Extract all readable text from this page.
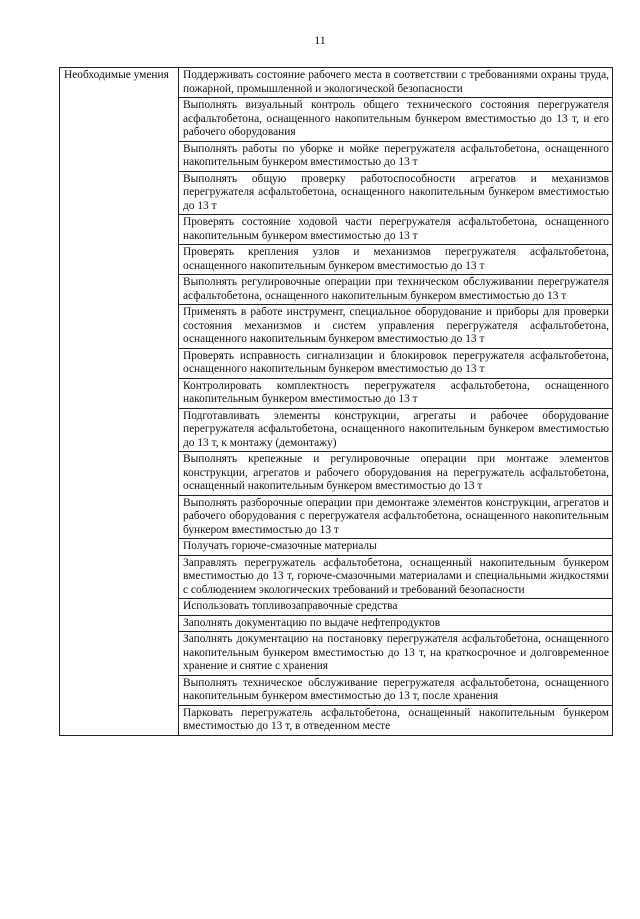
11
Необходимые умения	Поддерживать состояние рабочего места в соответствии с требованиями охраны труда, пожарной, промышленной и экологической безопасности
Выполнять визуальный контроль общего технического состояния перегружателя асфальтобетона, оснащенного накопительным бункером вместимостью до 13 т, и его рабочего оборудования
Выполнять работы по уборке и мойке перегружателя асфальтобетона, оснащенного накопительным бункером вместимостью до 13 т
Выполнять общую проверку работоспособности агрегатов и механизмов перегружателя асфальтобетона, оснащенного накопительным бункером вместимостью до 13 т
Проверять состояние ходовой части перегружателя асфальтобетона, оснащенного накопительным бункером вместимостью до 13 т
Проверять крепления узлов и механизмов перегружателя асфальтобетона, оснащенного накопительным бункером вместимостью до 13 т
Выполнять регулировочные операции при техническом обслуживании перегружателя асфальтобетона, оснащенного накопительным бункером вместимостью до 13 т
Применять в работе инструмент, специальное оборудование и приборы для проверки состояния механизмов и систем управления перегружателя асфальтобетона, оснащенного накопительным бункером вместимостью до 13 т
Проверять исправность сигнализации и блокировок перегружателя асфальтобетона, оснащенного накопительным бункером вместимостью до 13 т
Контролировать комплектность перегружателя асфальтобетона, оснащенного накопительным бункером вместимостью до 13 т
Подготавливать элементы конструкции, агрегаты и рабочее оборудование перегружателя асфальтобетона, оснащенного накопительным бункером вместимостью до 13 т, к монтажу (демонтажу)
Выполнять крепежные и регулировочные операции при монтаже элементов конструкции, агрегатов и рабочего оборудования на перегружатель асфальтобетона, оснащенный накопительным бункером вместимостью до 13 т
Выполнять разборочные операции при демонтаже элементов конструкции, агрегатов и рабочего оборудования с перегружателя асфальтобетона, оснащенного накопительным бункером вместимостью до 13 т
Получать горюче-смазочные материалы
Заправлять перегружатель асфальтобетона, оснащенный накопительным бункером вместимостью до 13 т, горюче-смазочными материалами и специальными жидкостями с соблюдением экологических требований и требований безопасности
Использовать топливозаправочные средства
Заполнять документацию по выдаче нефтепродуктов
Заполнять документацию на постановку перегружателя асфальтобетона, оснащенного накопительным бункером вместимостью до 13 т, на краткосрочное и долговременное хранение и снятие с хранения
Выполнять техническое обслуживание перегружателя асфальтобетона, оснащенного накопительным бункером вместимостью до 13 т, после хранения
Парковать перегружатель асфальтобетона, оснащенный накопительным бункером вместимостью до 13 т, в отведенном месте
